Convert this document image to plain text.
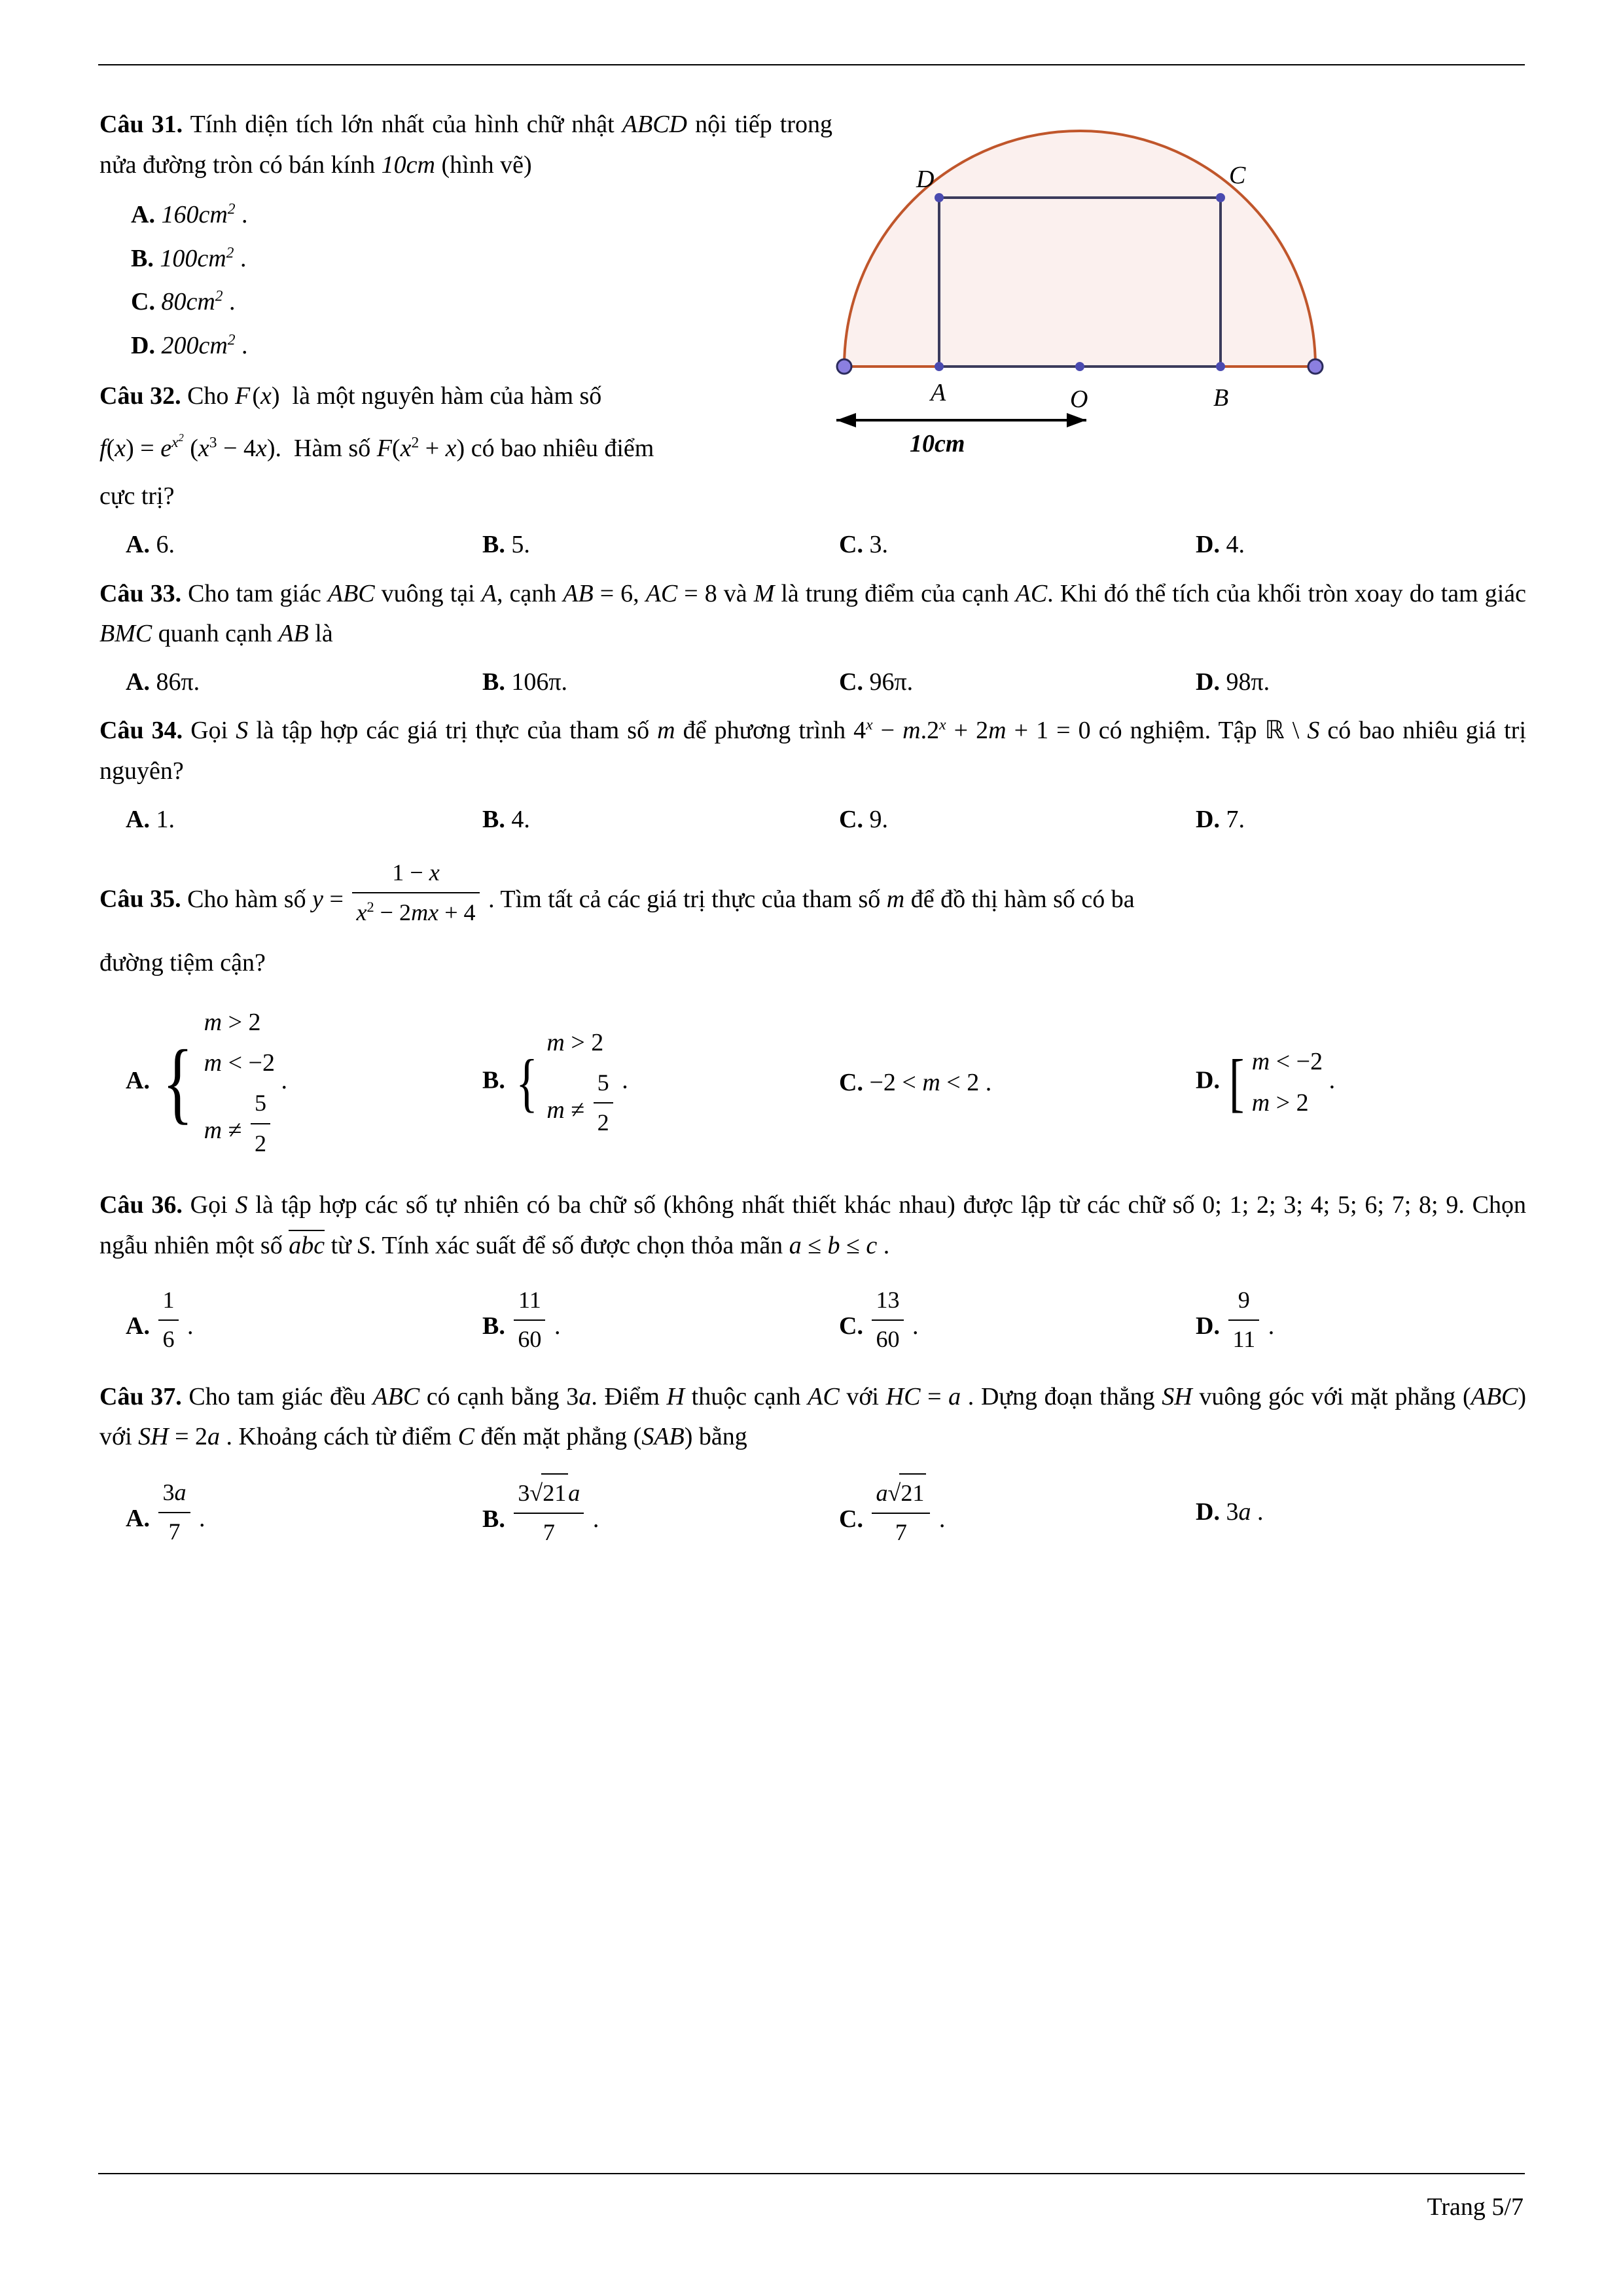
Câu 31. Tính diện tích lớn nhất của hình chữ nhật ABCD nội tiếp trong nửa đường tròn có bán kính 10cm (hình vẽ)
A. $160cm^2$ .
B. $100cm^2$ .
C. $80cm^2$ .
D. $200cm^2$ .
Câu 32. Cho F (x)  là một nguyên hàm của hàm số
$f(x) = e^{x^2}$ $(x^3 - 4x)$.  Hàm số $F(x^2 + x)$ có bao nhiêu điểm
cực trị?
A. 6.	B. 5.	C. 3.	D. 4.
Câu 33. Cho tam giác ABC vuông tại A, cạnh AB = 6, AC = 8 và M là trung điểm của cạnh AC. Khi đó thể tích của khối tròn xoay do tam giác BMC quanh cạnh AB là
A. 86π.	B. 106π.	C. 96π.	D. 98π.
Câu 34. Gọi S là tập hợp các giá trị thực của tham số m để phương trình $4^x - m.2^x + 2m + 1 = 0$ có nghiệm. Tập ℝ \ S có bao nhiêu giá trị nguyên?
A. 1.	B. 4.	C. 9.	D. 7.
Câu 35. Cho hàm số $y = \frac{1 - x}{x^2 - 2mx + 4}$ . Tìm tất cả các giá trị thực của tham số m để đồ thị hàm số có ba
đường tiệm cận?
A. {
m > 2
m < −2
$m \ne \frac{5}{2}$
.	B. {
m > 2
$m \ne \frac{5}{2}$ .	C. −2 < m < 2 .	D. [ m < −2
m > 2
.
Câu 36. Gọi S là tập hợp các số tự nhiên có ba chữ số (không nhất thiết khác nhau) được lập từ các chữ số 0; 1; 2; 3; 4; 5; 6; 7; 8; 9. Chọn ngẫu nhiên một số abc từ S. Tính xác suất để số được chọn thỏa mãn a ≤ b ≤ c .
A. $\frac{1}{6}$ .	B. $\frac{11}{60}$ .	C. $\frac{13}{60}$ .	D. $\frac{9}{11}$ .
Câu 37. Cho tam giác đều ABC có cạnh bằng 3a. Điểm H thuộc cạnh AC với HC = a . Dựng đoạn thẳng SH vuông góc với mặt phẳng (ABC) với SH = 2a . Khoảng cách từ điểm C đến mặt phẳng (SAB) bằng
A. $\frac{3a}{7}$ .	B. $\frac{3√21a}{7}$ .	C. $\frac{a√21}{7}$ .	D. 3a .
D	C
A	O	B
10cm
Trang 5/7
